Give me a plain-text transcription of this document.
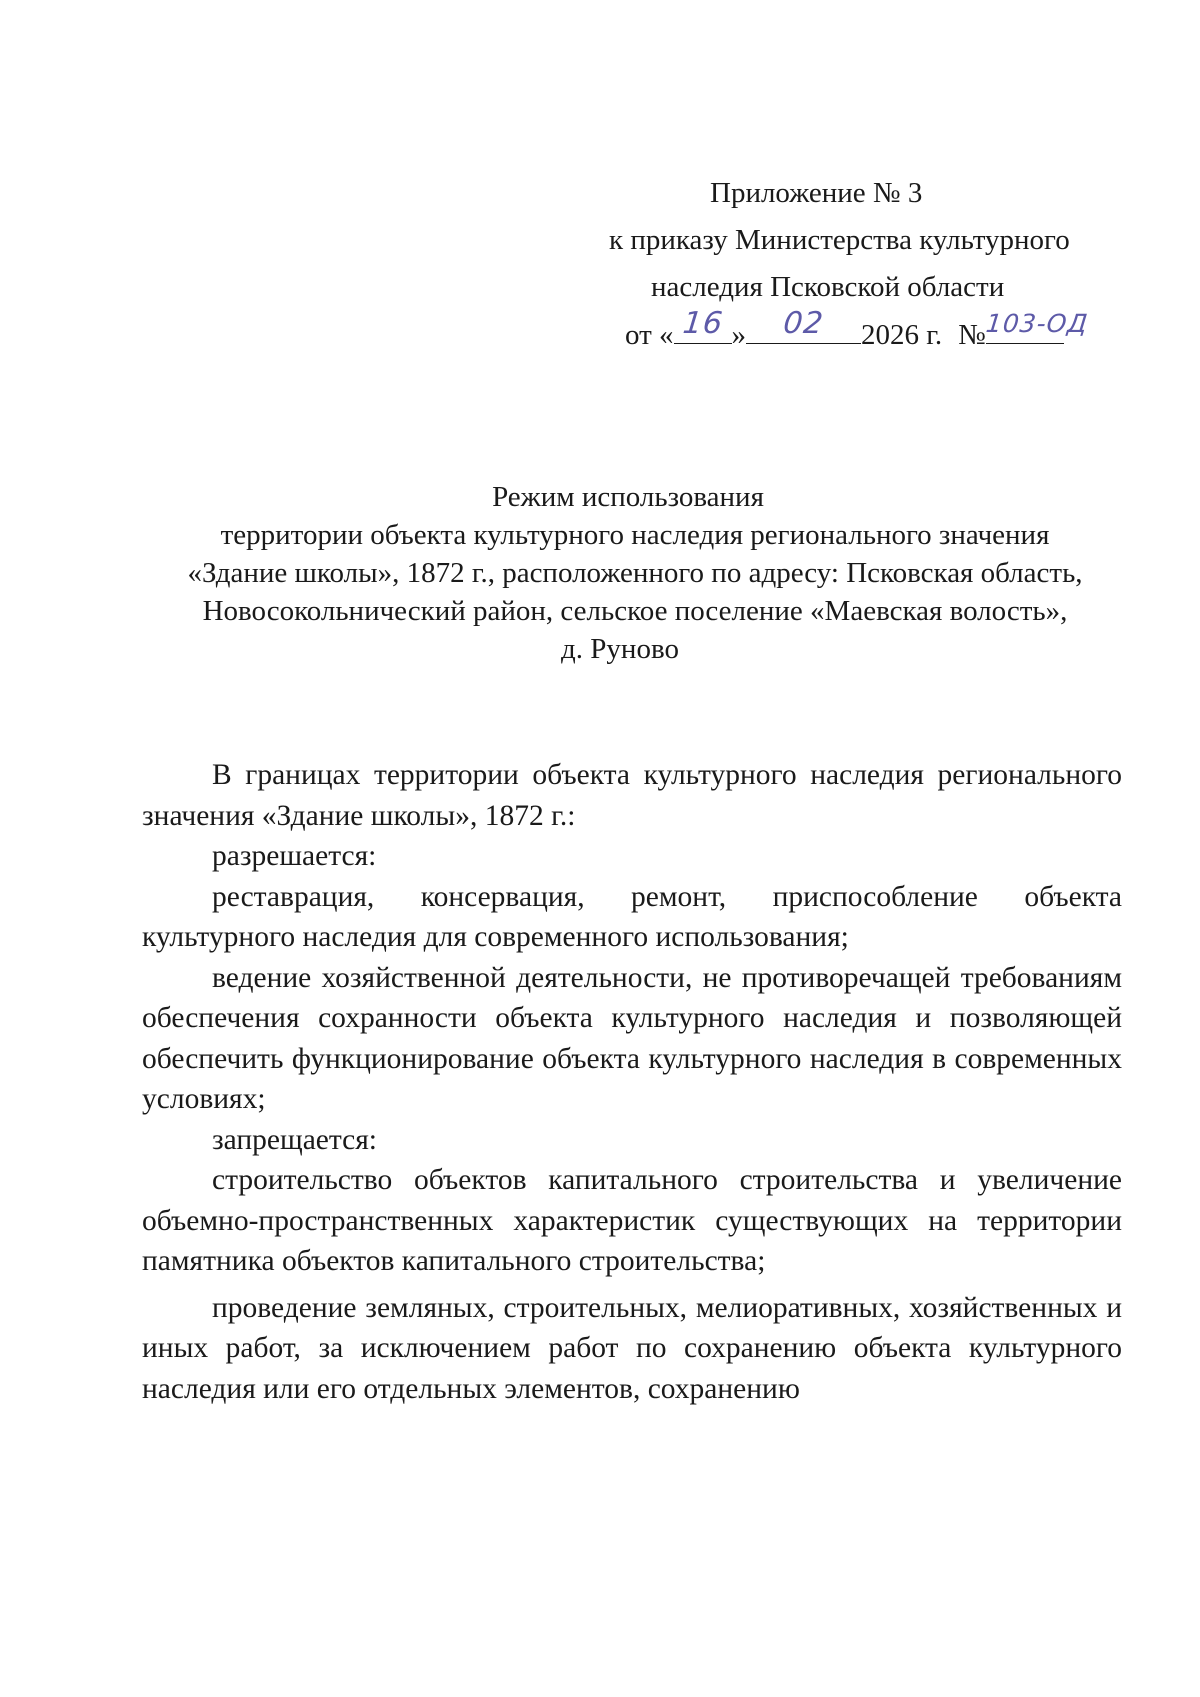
Приложение № 3
к приказу Министерства культурного
наследия Псковской области
от « 16 »	02	2026 г. №
103-ОД
Режим использования
территории объекта культурного наследия регионального значения
«Здание школы», 1872 г., расположенного по адресу: Псковская область,
Новосокольнический район, сельское поселение «Маевская волость»,
д. Руново

В границах территории объекта культурного наследия регионального значения «Здание школы», 1872 г.:

разрешается:

реставрация, консервация, ремонт, приспособление объекта культурного наследия для современного использования;

ведение хозяйственной деятельности, не противоречащей требованиям обеспечения сохранности объекта культурного наследия и позволяющей обеспечить функционирование объекта культурного наследия в современных условиях;

запрещается:

строительство объектов капитального строительства и увеличение объемно-пространственных характеристик существующих на территории памятника объектов капитального строительства;

проведение земляных, строительных, мелиоративных, хозяйственных и иных работ, за исключением работ по сохранению объекта культурного наследия или его отдельных элементов, сохранению
